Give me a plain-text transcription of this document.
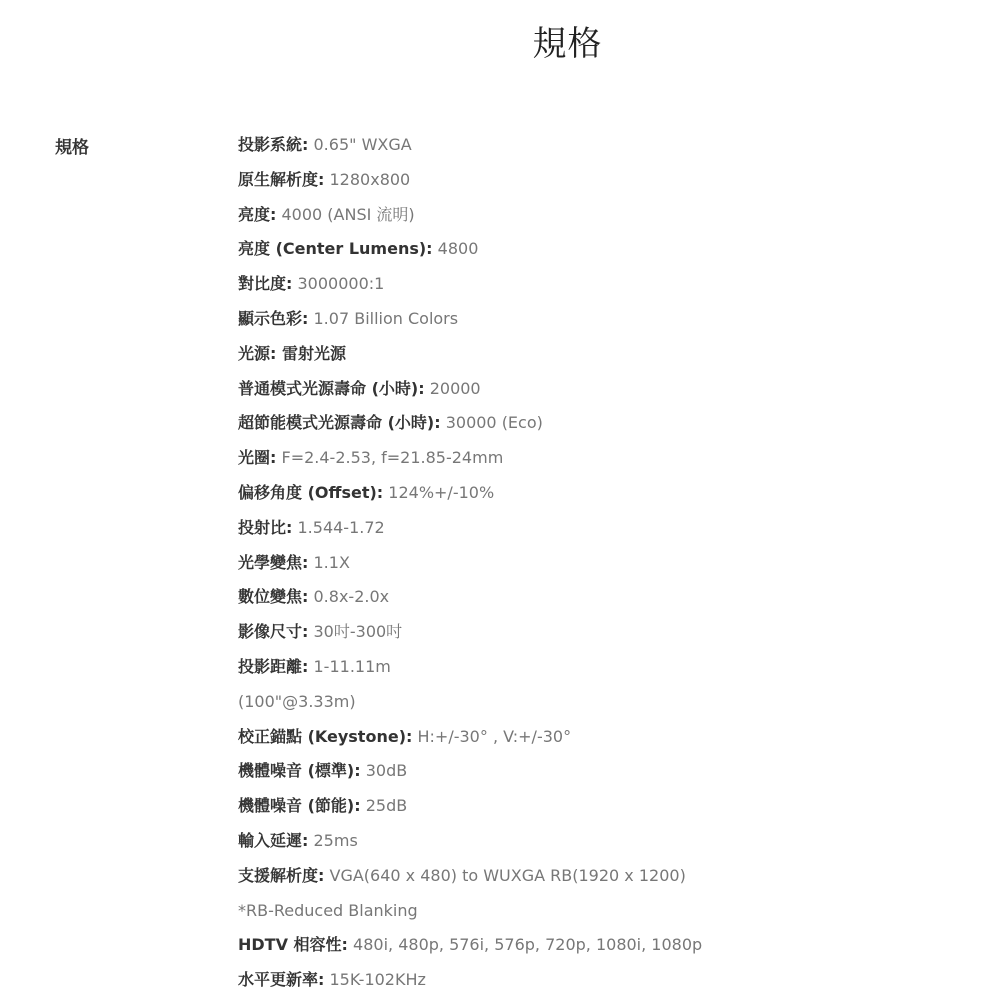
規格
規格	投影系統: 0.65" WXGA
原生解析度: 1280x800
亮度: 4000 (ANSI 流明)
亮度 (Center Lumens): 4800
對比度: 3000000:1
顯示色彩: 1.07 Billion Colors
光源: 雷射光源
普通模式光源壽命 (小時): 20000
超節能模式光源壽命 (小時): 30000 (Eco)
光圈: F=2.4-2.53, f=21.85-24mm
偏移角度 (Offset): 124%+/-10%
投射比: 1.544-1.72
光學變焦: 1.1X
數位變焦: 0.8x-2.0x
影像尺寸: 30吋-300吋
投影距離: 1-11.11m
(100"@3.33m)
校正錨點 (Keystone): H:+/-30° , V:+/-30°
機體噪音 (標準): 30dB
機體噪音 (節能): 25dB
輸入延遲: 25ms
支援解析度: VGA(640 x 480) to WUXGA RB(1920 x 1200)
*RB-Reduced Blanking
HDTV 相容性: 480i, 480p, 576i, 576p, 720p, 1080i, 1080p
水平更新率: 15K-102KHz
